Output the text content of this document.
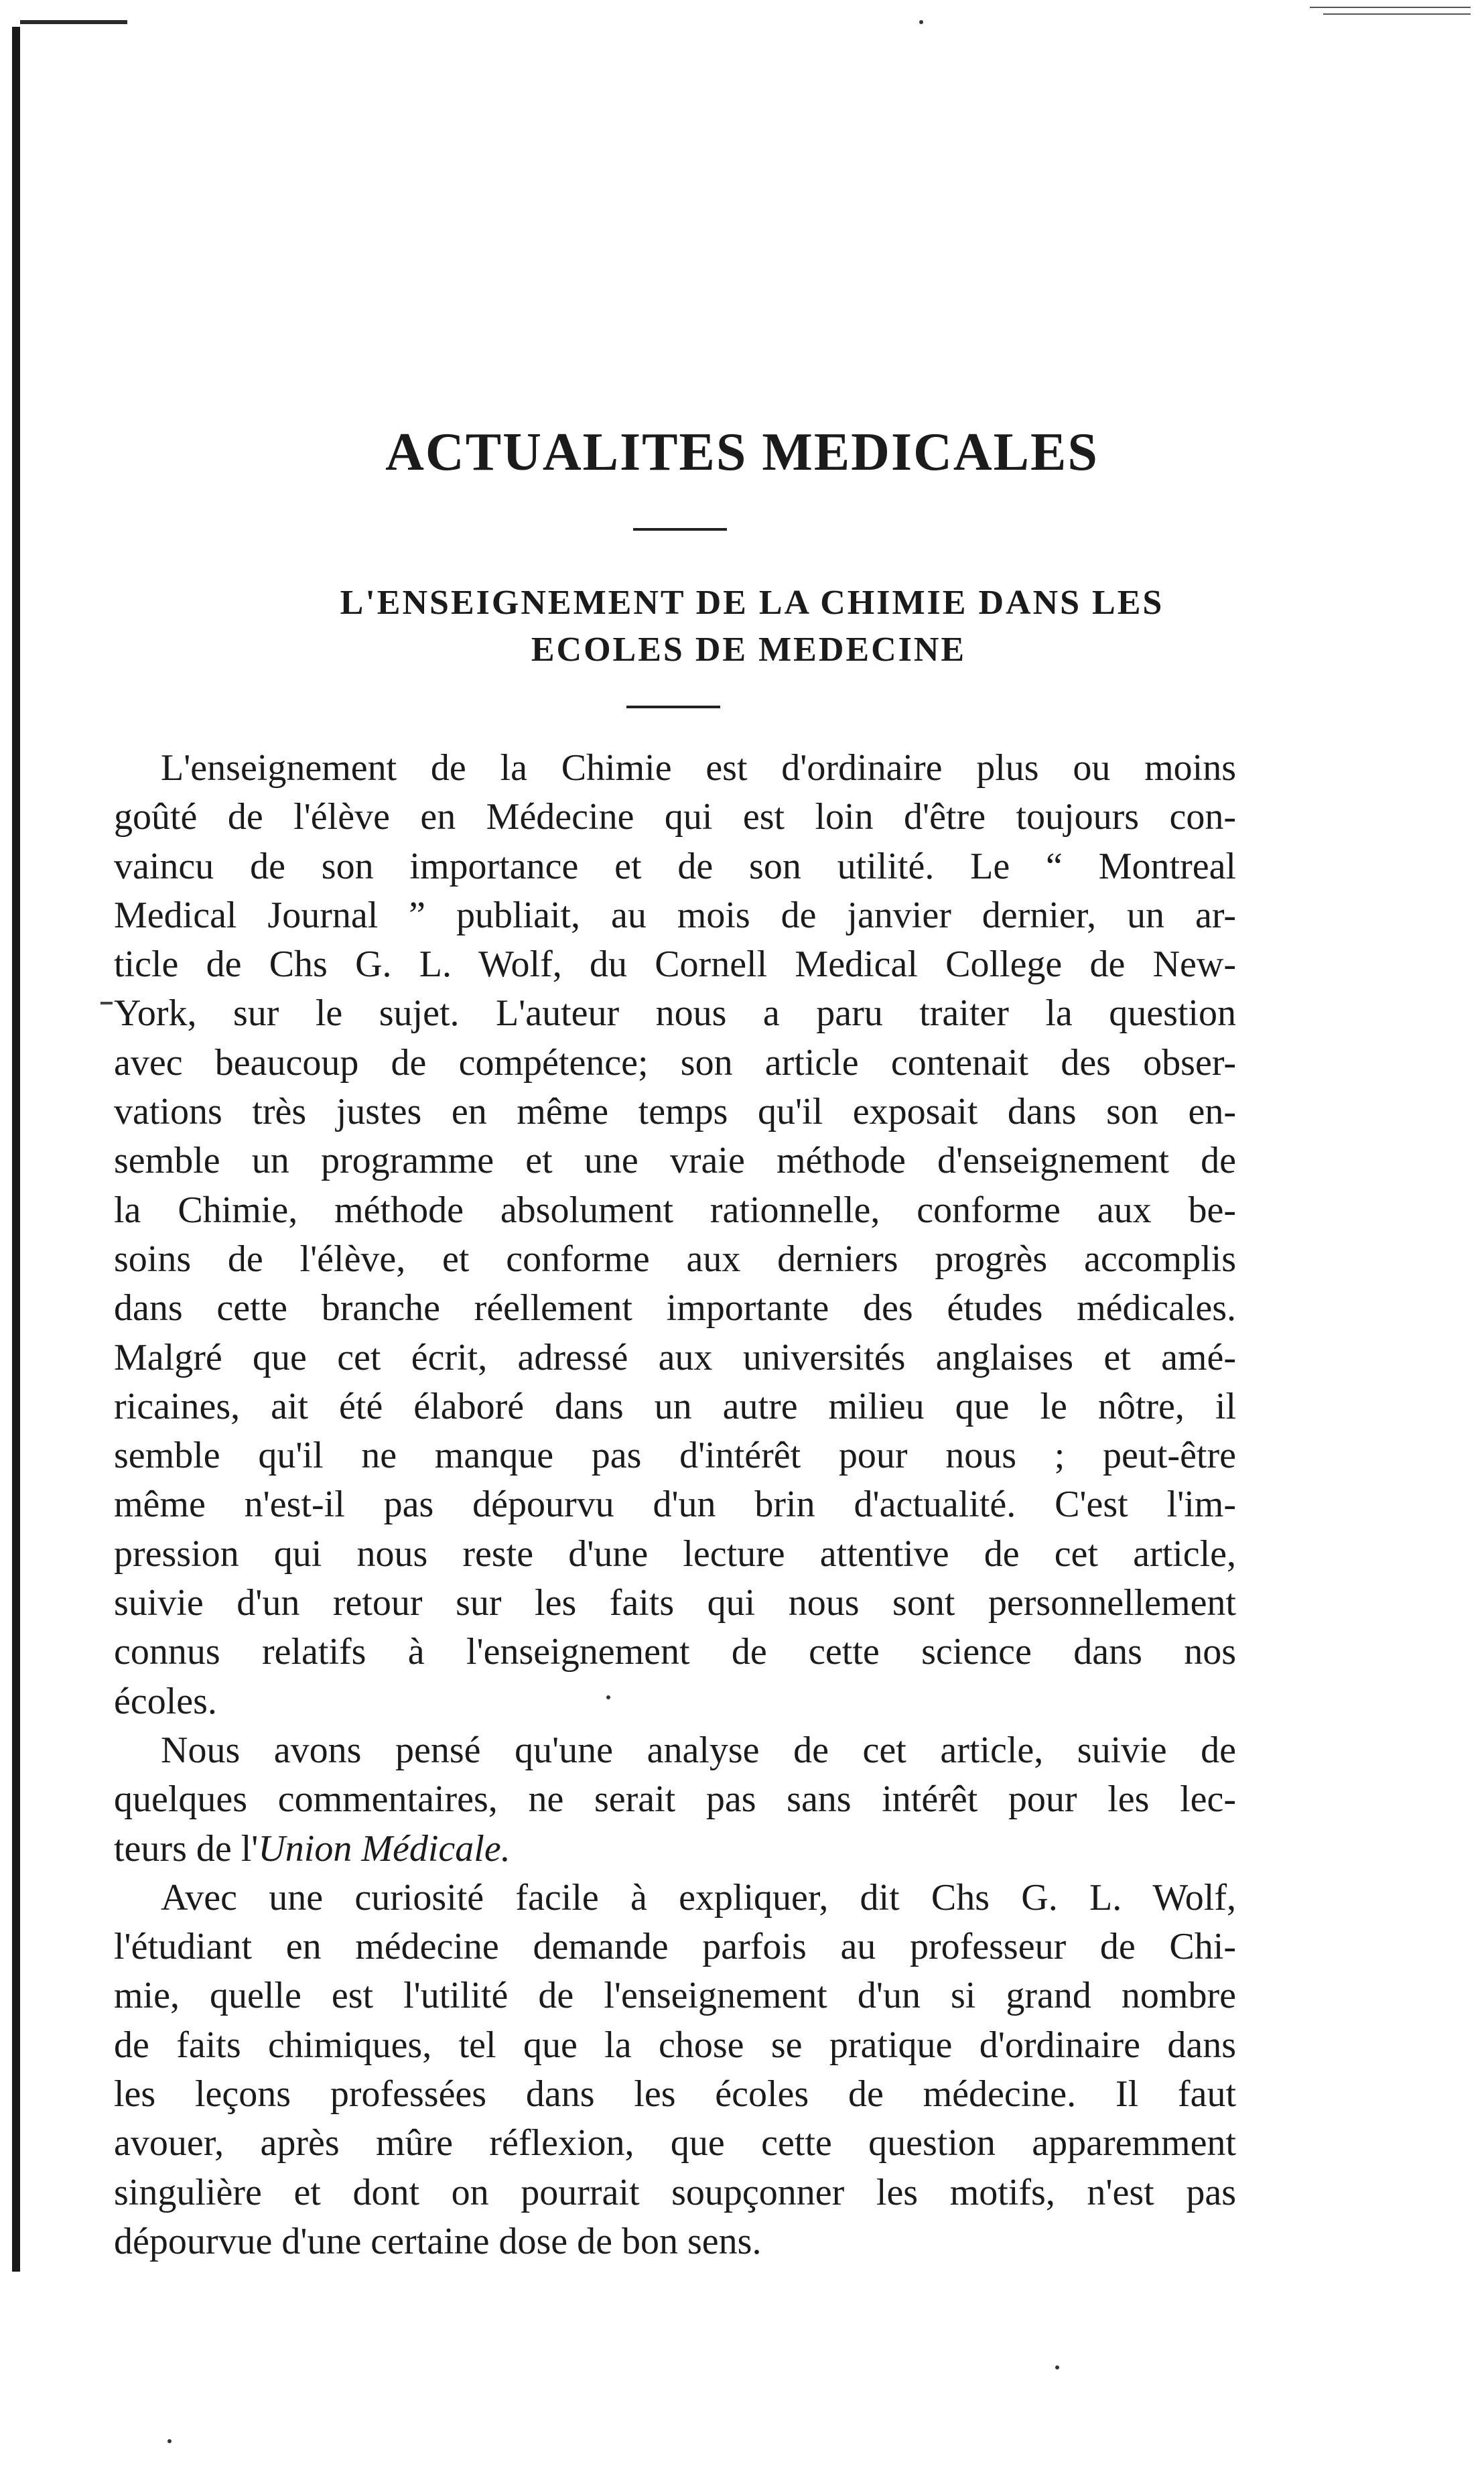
ACTUALITES MEDICALES
L'ENSEIGNEMENT DE LA CHIMIE DANS LES
ECOLES DE MEDECINE
L'enseignement de la Chimie est d'ordinaire plus ou moins
goûté de l'élève en Médecine qui est loin d'être toujours con-
vaincu de son importance et de son utilité. Le “ Montreal
Medical Journal ” publiait, au mois de janvier dernier, un ar-
ticle de Chs G. L. Wolf, du Cornell Medical College de New-
York, sur le sujet. L'auteur nous a paru traiter la question
avec beaucoup de compétence; son article contenait des obser-
vations très justes en même temps qu'il exposait dans son en-
semble un programme et une vraie méthode d'enseignement de
la Chimie, méthode absolument rationnelle, conforme aux be-
soins de l'élève, et conforme aux derniers progrès accomplis
dans cette branche réellement importante des études médicales.
Malgré que cet écrit, adressé aux universités anglaises et amé-
ricaines, ait été élaboré dans un autre milieu que le nôtre, il
semble qu'il ne manque pas d'intérêt pour nous ; peut-être
même n'est-il pas dépourvu d'un brin d'actualité. C'est l'im-
pression qui nous reste d'une lecture attentive de cet article,
suivie d'un retour sur les faits qui nous sont personnellement
connus relatifs à l'enseignement de cette science dans nos
écoles.
Nous avons pensé qu'une analyse de cet article, suivie de
quelques commentaires, ne serait pas sans intérêt pour les lec-
teurs de l'Union Médicale.
Avec une curiosité facile à expliquer, dit Chs G. L. Wolf,
l'étudiant en médecine demande parfois au professeur de Chi-
mie, quelle est l'utilité de l'enseignement d'un si grand nombre
de faits chimiques, tel que la chose se pratique d'ordinaire dans
les leçons professées dans les écoles de médecine. Il faut
avouer, après mûre réflexion, que cette question apparemment
singulière et dont on pourrait soupçonner les motifs, n'est pas
dépourvue d'une certaine dose de bon sens.
